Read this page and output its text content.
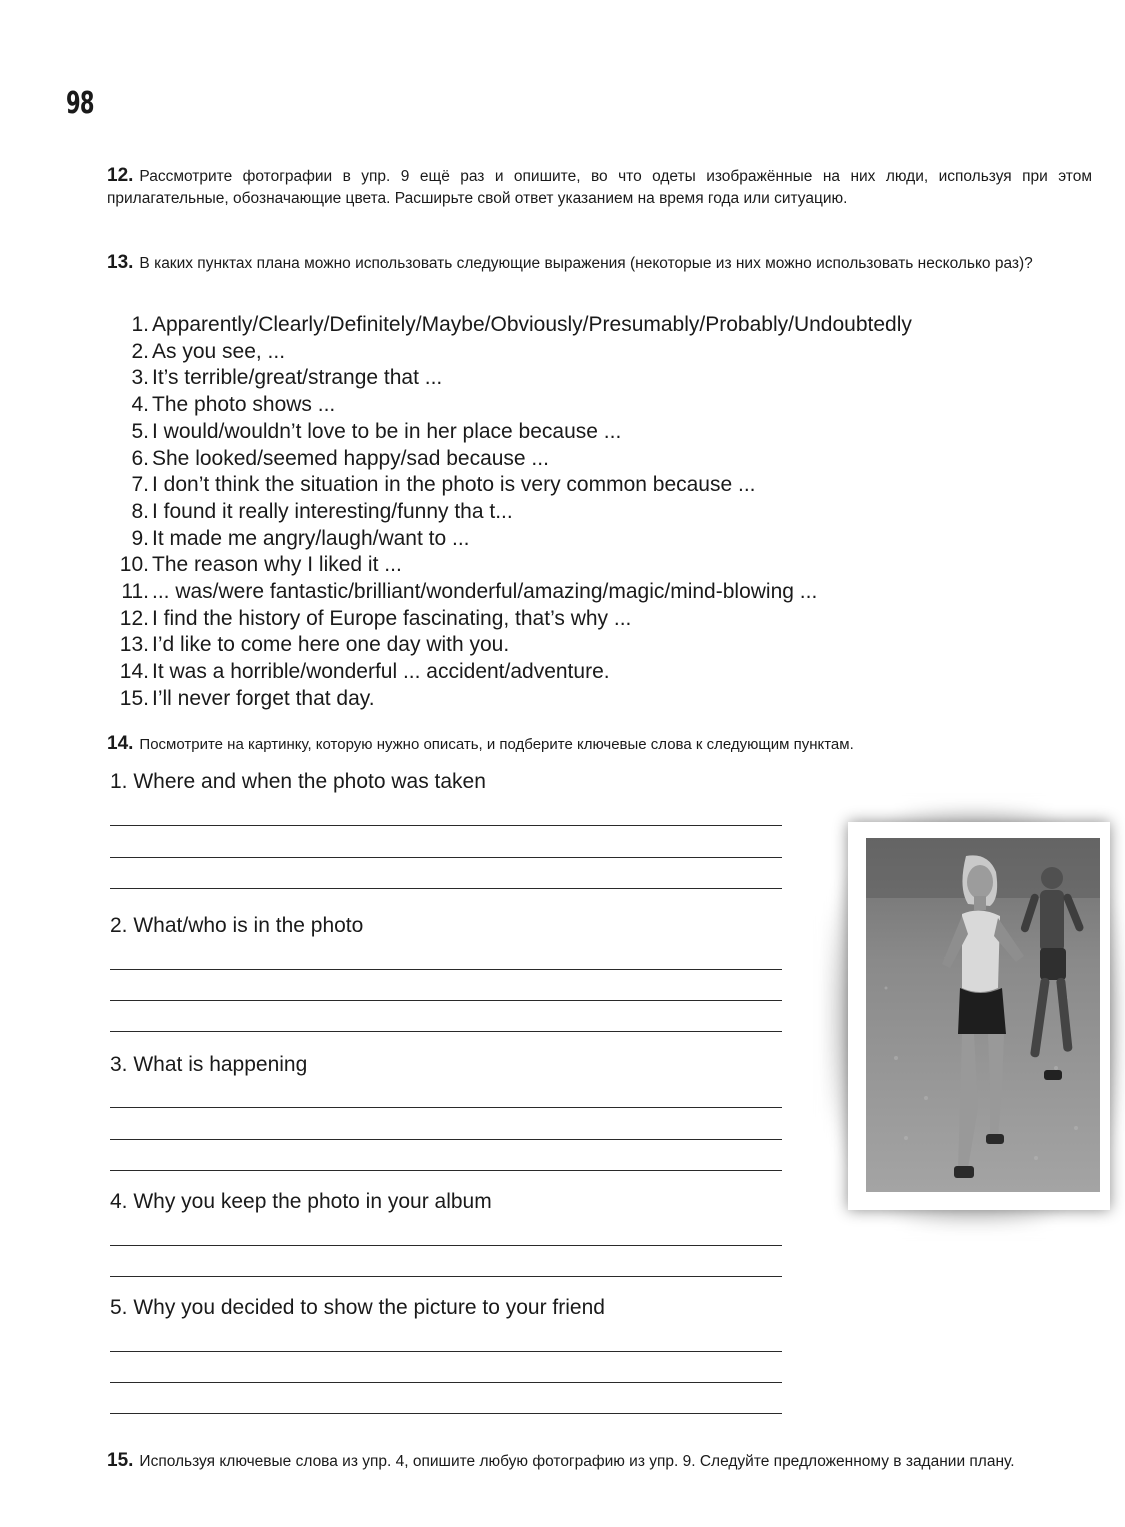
98
12. Рассмотрите фотографии в упр. 9 ещё раз и опишите, во что одеты изображённые на них люди, используя при этом прилагательные, обозначающие цвета. Расширьте свой ответ указанием на время года или ситуацию.
13. В каких пунктах плана можно использовать следующие выражения (некоторые из них можно использовать несколько раз)?
1. Apparently/Clearly/Definitely/Maybe/Obviously/Presumably/Probably/Undoubtedly
2. As you see, ...
3. It’s terrible/great/strange that ...
4. The photo shows ...
5. I would/wouldn’t love to be in her place because ...
6. She looked/seemed happy/sad because ...
7. I don’t think the situation in the photo is very common because ...
8. I found it really interesting/funny tha t...
9. It made me angry/laugh/want to ...
10. The reason why I liked it ...
11. ... was/were fantastic/brilliant/wonderful/amazing/magic/mind-blowing ...
12. I find the history of Europe fascinating, that’s why ...
13. I’d like to come here one day with you.
14. It was a horrible/wonderful ... accident/adventure.
15. I’ll never forget that day.
14. Посмотрите на картинку, которую нужно описать, и подберите ключевые слова к следующим пунктам.
1. Where and when the photo was taken
2. What/who is in the photo
3. What is happening
4. Why you keep the photo in your album
5. Why you decided to show the picture to your friend
15. Используя ключевые слова из упр. 4, опишите любую фотографию из упр. 9. Следуйте предложенному в задании плану.
